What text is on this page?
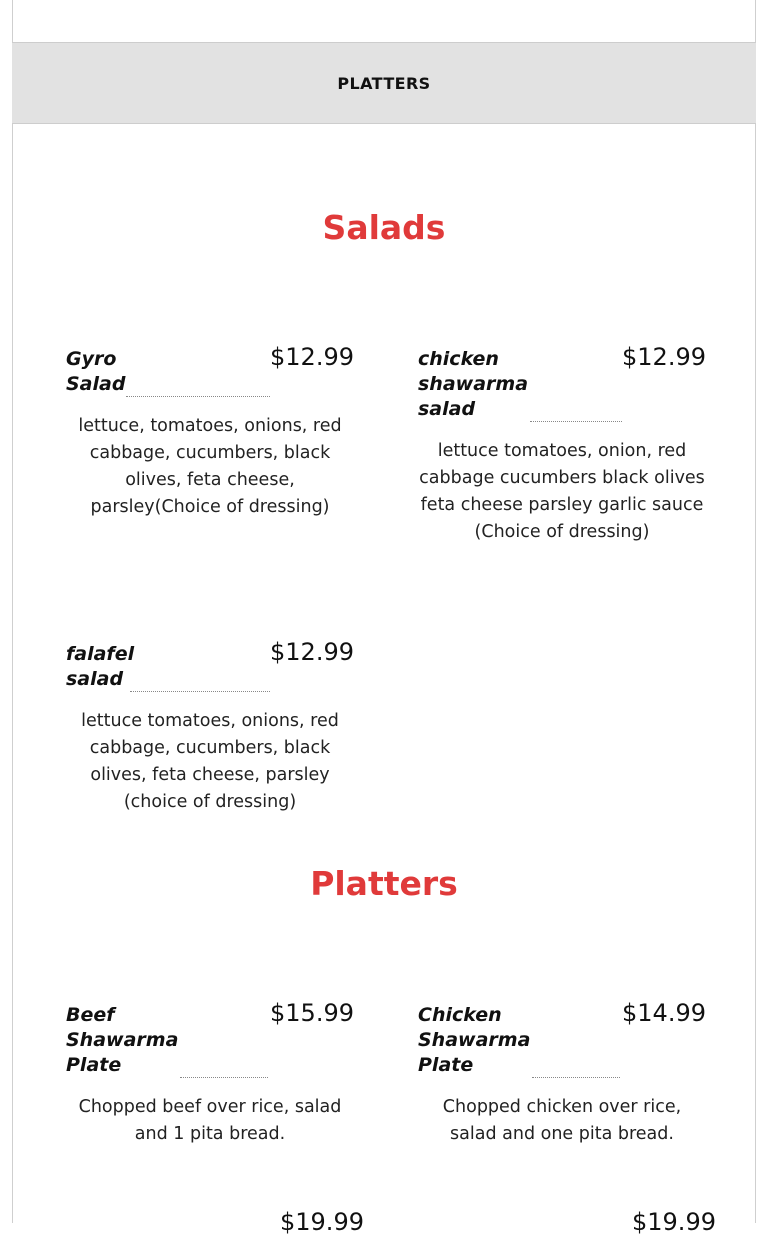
PLATTERS
Salads
Gyro Salad
$12.99
lettuce, tomatoes, onions, red cabbage, cucumbers, black olives, feta cheese, parsley(Choice of dressing)
chicken shawarma salad
$12.99
lettuce tomatoes, onion, red cabbage cucumbers black olives feta cheese parsley garlic sauce (Choice of dressing)
falafel salad
$12.99
lettuce tomatoes, onions, red cabbage, cucumbers, black olives, feta cheese, parsley (choice of dressing)
Platters
Beef Shawarma Plate
$15.99
Chopped beef over rice, salad and 1 pita bread.
Chicken Shawarma Plate
$14.99
Chopped chicken over rice, salad and one pita bread.
$19.99	$19.99
